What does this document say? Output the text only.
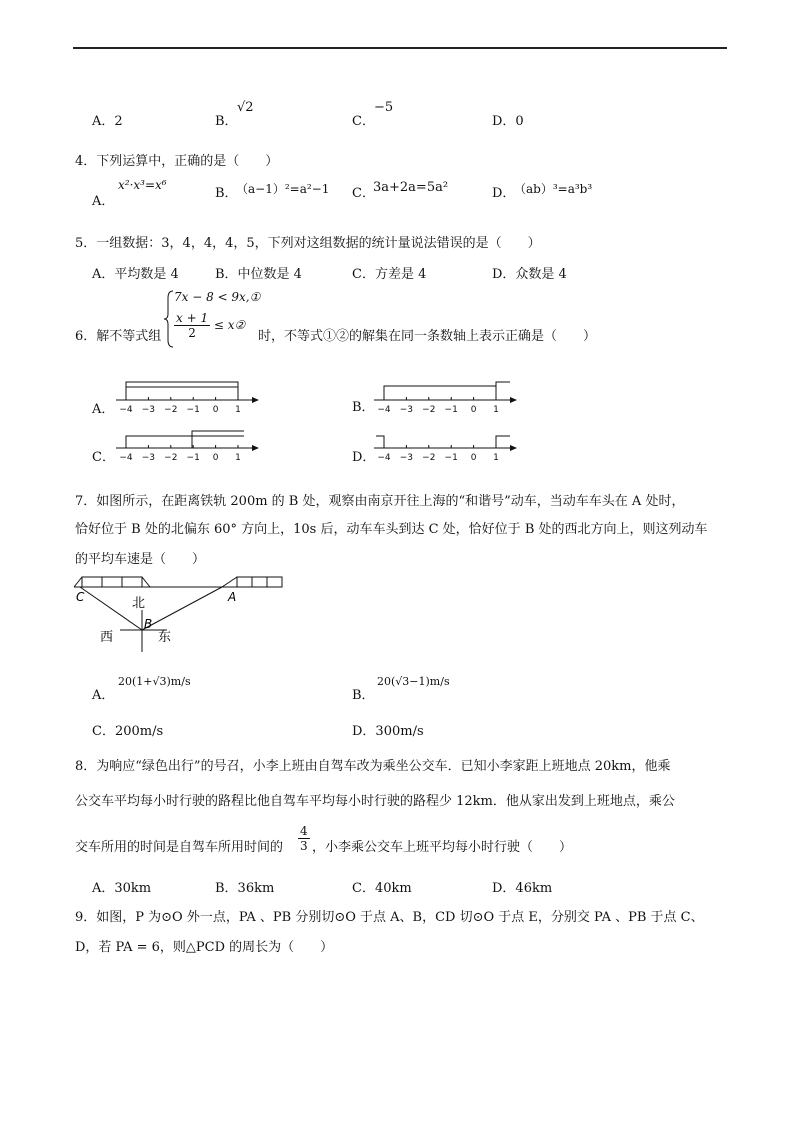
A．2	B．
√2
C．
−5
D．0
4．下列运算中，正确的是（　　）
A．
x²·x³=x⁶
B．
（a−1）²=a²−1 C．
3a+2a=5a²	D．
（ab）³=a³b³
5．一组数据：3，4，4，4，5，下列对这组数据的统计量说法错误的是（　　）
A．平均数是 4	B．中位数是 4	C．方差是 4	D．众数是 4
6．解不等式组
7x − 8 < 9x,①
$\frac{x + 1}{2}$ ≤ x②
时，不等式①②的解集在同一条数轴上表示正确是（　　）
A． −4 −3 −2 −1 0 1	B． −4 −3 −2 −1 0 1
C． −4 −3 −2 −1 0 1	D． −4 −3 −2 −1 0 1
7．如图所示，在距离铁轨 200m 的 B 处，观察由南京开往上海的“和谐号”动车，当动车车头在 A 处时，
恰好位于 B 处的北偏东 60° 方向上，10s 后，动车车头到达 C 处，恰好位于 B 处的西北方向上，则这列动车
的平均车速是（　　）
C	A
B
北
西	东
A．
20(1+√3)m/s
B．
20(√3−1)m/s
C．200m/s	D．300m/s
8．为响应“绿色出行”的号召，小李上班由自驾车改为乘坐公交车．已知小李家距上班地点 20km，他乘
公交车平均每小时行驶的路程比他自驾车平均每小时行驶的路程少 12km．他从家出发到上班地点，乘公
交车所用的时间是自驾车所用时间的 $\frac{4}{3}$ ，小李乘公交车上班平均每小时行驶（　　）
A．30km	B．36km	C．40km	D．46km
9．如图，P 为⊙O 外一点，PA 、PB 分别切⊙O 于点 A、B，CD 切⊙O 于点 E，分别交 PA 、PB 于点 C、
D，若 PA = 6，则△PCD 的周长为（　　）
